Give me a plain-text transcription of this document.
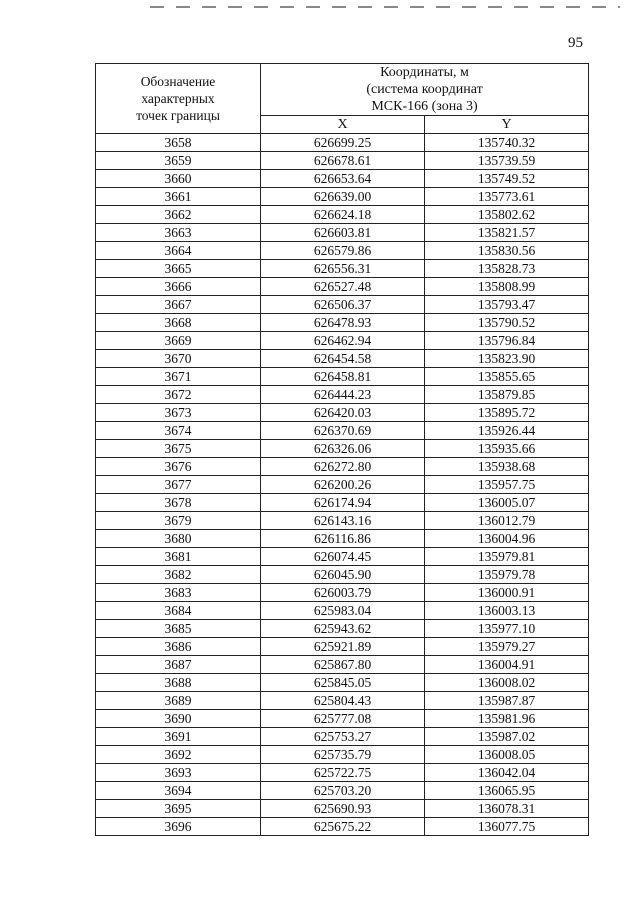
95
Обозначение
характерных
точек границы	Координаты, м
(система координат
МСК-166 (зона 3)	

	X	Y
3658	626699.25	135740.32
3659	626678.61	135739.59
3660	626653.64	135749.52
3661	626639.00	135773.61
3662	626624.18	135802.62
3663	626603.81	135821.57
3664	626579.86	135830.56
3665	626556.31	135828.73
3666	626527.48	135808.99
3667	626506.37	135793.47
3668	626478.93	135790.52
3669	626462.94	135796.84
3670	626454.58	135823.90
3671	626458.81	135855.65
3672	626444.23	135879.85
3673	626420.03	135895.72
3674	626370.69	135926.44
3675	626326.06	135935.66
3676	626272.80	135938.68
3677	626200.26	135957.75
3678	626174.94	136005.07
3679	626143.16	136012.79
3680	626116.86	136004.96
3681	626074.45	135979.81
3682	626045.90	135979.78
3683	626003.79	136000.91
3684	625983.04	136003.13
3685	625943.62	135977.10
3686	625921.89	135979.27
3687	625867.80	136004.91
3688	625845.05	136008.02
3689	625804.43	135987.87
3690	625777.08	135981.96
3691	625753.27	135987.02
3692	625735.79	136008.05
3693	625722.75	136042.04
3694	625703.20	136065.95
3695	625690.93	136078.31
3696	625675.22	136077.75
